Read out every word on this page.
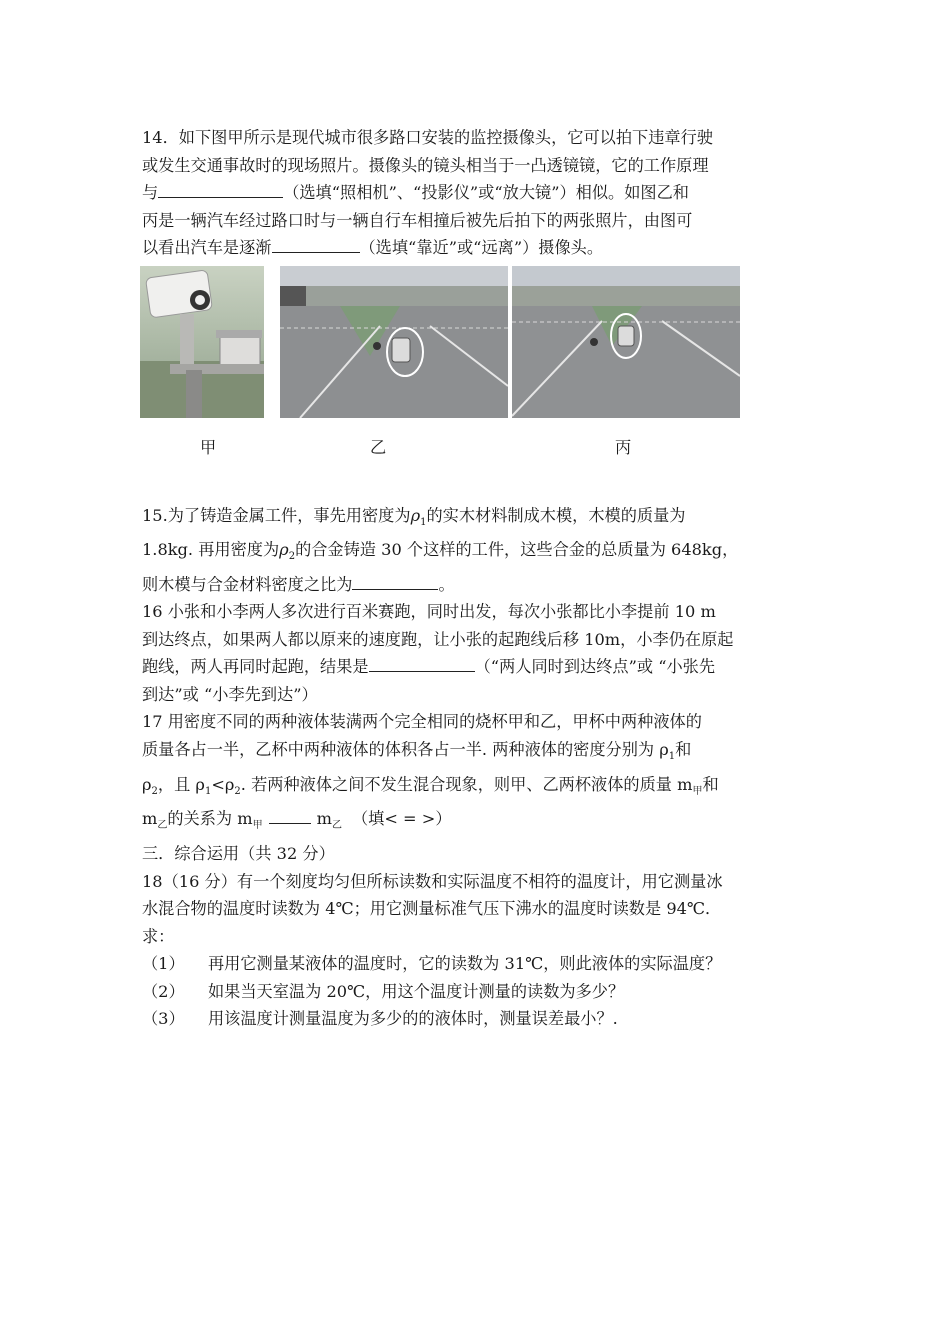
14．如下图甲所示是现代城市很多路口安装的监控摄像头，它可以拍下违章行驶

或发生交通事故时的现场照片。摄像头的镜头相当于一凸透镜镜，它的工作原理

与	（选填“照相机”、“投影仪”或“放大镜”）相似。如图乙和

丙是一辆汽车经过路口时与一辆自行车相撞后被先后拍下的两张照片，由图可

以看出汽车是逐渐	（选填“靠近”或“远离”）摄像头。

甲	乙	丙

15.为了铸造金属工件，事先用密度为$\rho_1$的实木材料制成木模，木模的质量为

1.8kg. 再用密度为$\rho_2$的合金铸造 30 个这样的工件，这些合金的总质量为 648kg，

则木模与合金材料密度之比为	。

16 小张和小李两人多次进行百米赛跑，同时出发，每次小张都比小李提前 10 m

到达终点，如果两人都以原来的速度跑，让小张的起跑线后移 10m，小李仍在原起

跑线，两人再同时起跑，结果是	（“两人同时到达终点”或 “小张先

到达”或 “小李先到达”）

17 用密度不同的两种液体装满两个完全相同的烧杯甲和乙，甲杯中两种液体的

质量各占一半，乙杯中两种液体的体积各占一半. 两种液体的密度分别为 $\rho_1$和

$\rho_2$，且 $\rho_1<\rho_2$. 若两种液体之间不发生混合现象，则甲、乙两杯液体的质量 $m_甲$和

$m_乙$的关系为 $m_甲$	$m_乙$ （填< = >）

三．综合运用（共 32 分）

18（16 分）有一个刻度均匀但所标读数和实际温度不相符的温度计，用它测量冰

水混合物的温度时读数为 4℃；用它测量标准气压下沸水的温度时读数是 94℃．

求：

（1）	再用它测量某液体的温度时，它的读数为 31℃，则此液体的实际温度？

（2）	如果当天室温为 20℃，用这个温度计测量的读数为多少？

（3）	用该温度计测量温度为多少的的液体时，测量误差最小？.
